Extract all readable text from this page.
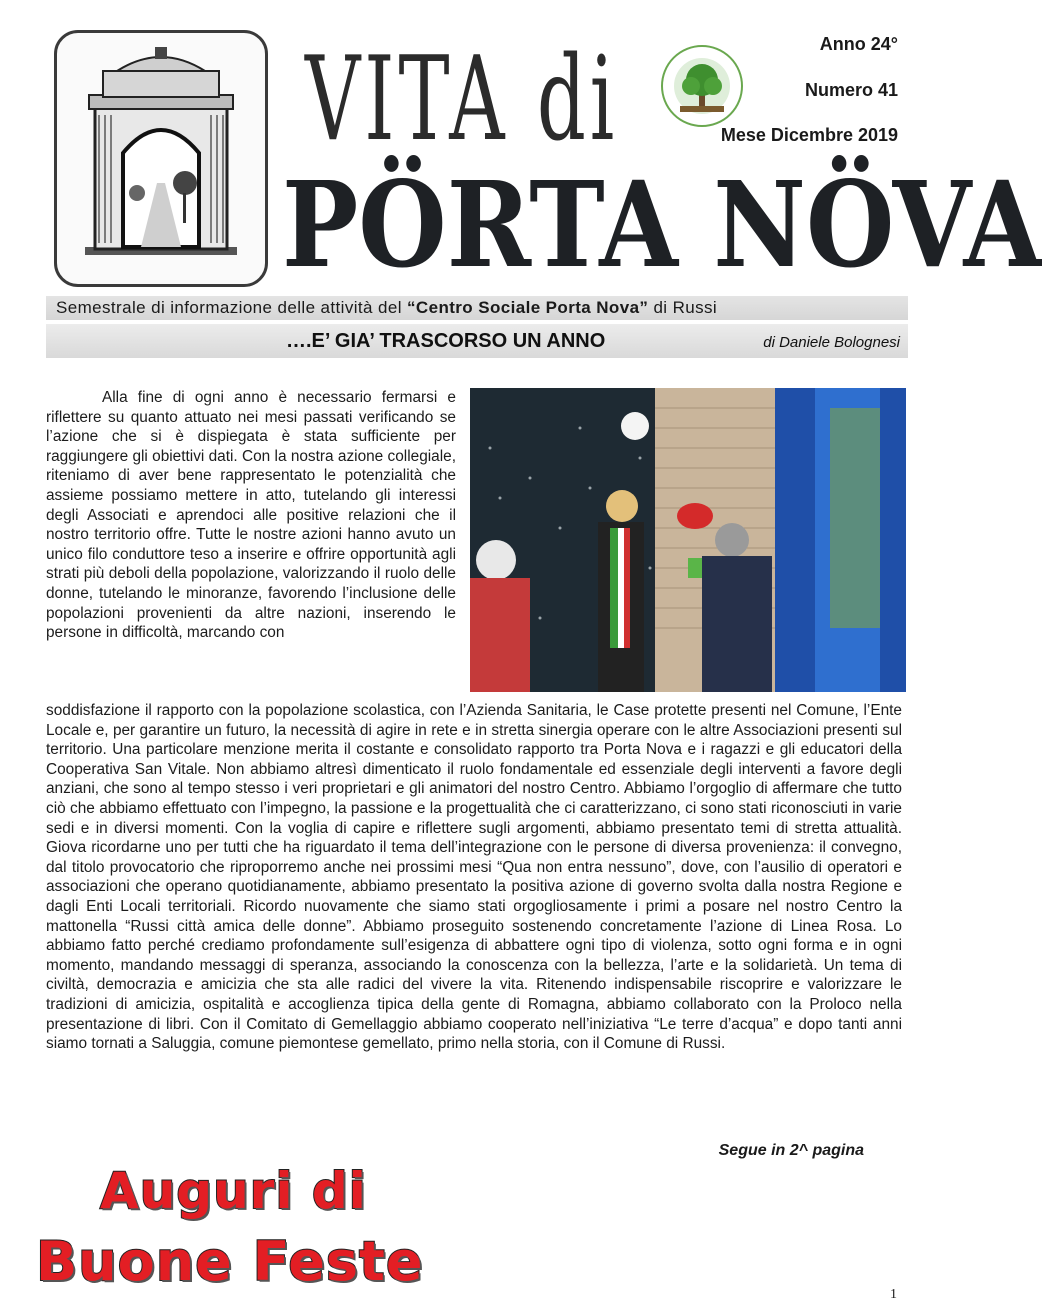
VITA di
PÖRTA NÖVA
Anno 24°
Numero 41
Mese Dicembre 2019
Semestrale di informazione delle attività del “Centro Sociale Porta Nova” di Russi
….E’ GIA’ TRASCORSO UN ANNO	di Daniele Bolognesi
Alla fine di ogni anno è necessario fermarsi e riflettere su quanto attuato nei mesi passati verificando se l’azione che si è dispiegata è stata sufficiente per raggiungere gli obiettivi dati. Con la nostra azione collegiale, riteniamo di aver bene rappresentato le potenzialità che assieme possiamo mettere in atto, tutelando gli interessi degli Associati e aprendoci alle positive relazioni che il nostro territorio offre. Tutte le nostre azioni hanno avuto un unico filo conduttore teso a inserire e offrire opportunità agli strati più deboli della popolazione, valorizzando il ruolo delle donne, tutelando le minoranze, favorendo l’inclusione delle popolazioni provenienti da altre nazioni, inserendo le persone in difficoltà, marcando con
soddisfazione il rapporto con la popolazione scolastica, con l’Azienda Sanitaria, le Case protette presenti nel Comune, l’Ente Locale e, per garantire un futuro, la necessità di agire in rete e in stretta sinergia operare con le altre Associazioni presenti sul territorio. Una particolare menzione merita il costante e consolidato rapporto tra Porta Nova e i ragazzi e gli educatori della Cooperativa San Vitale. Non abbiamo altresì dimenticato il ruolo fondamentale ed essenziale degli interventi a favore degli anziani, che sono al tempo stesso i veri proprietari e gli animatori del nostro Centro. Abbiamo l’orgoglio di affermare che tutto ciò che abbiamo effettuato con l’impegno, la passione e la progettualità che ci caratterizzano, ci sono stati riconosciuti in varie sedi e in diversi momenti. Con la voglia di capire e riflettere sugli argomenti, abbiamo presentato temi di stretta attualità. Giova ricordarne uno per tutti che ha riguardato il tema dell’integrazione con le persone di diversa provenienza: il convegno, dal titolo provocatorio che riproporremo anche nei prossimi mesi “Qua non entra nessuno”, dove, con l’ausilio di operatori e associazioni che operano quotidianamente, abbiamo presentato la positiva azione di governo svolta dalla nostra Regione e dagli Enti Locali territoriali. Ricordo nuovamente che siamo stati orgogliosamente i primi a posare nel nostro Centro la mattonella “Russi città amica delle donne”. Abbiamo proseguito sostenendo concretamente l’azione di Linea Rosa. Lo abbiamo fatto perché crediamo profondamente sull’esigenza di abbattere ogni tipo di violenza, sotto ogni forma e in ogni momento, mandando messaggi di speranza, associando la conoscenza con la bellezza, l’arte e la solidarietà. Un tema di civiltà, democrazia e amicizia che sta alle radici del vivere la vita. Ritenendo indispensabile riscoprire e valorizzare le tradizioni di amicizia, ospitalità e accoglienza tipica della gente di Romagna, abbiamo collaborato con la Proloco nella presentazione di libri. Con il Comitato di Gemellaggio abbiamo cooperato nell’iniziativa “Le terre d’acqua” e dopo tanti anni siamo tornati a Saluggia, comune piemontese gemellato, primo nella storia, con il Comune di Russi.
Segue in 2^ pagina
Auguri di
Buone Feste
1
